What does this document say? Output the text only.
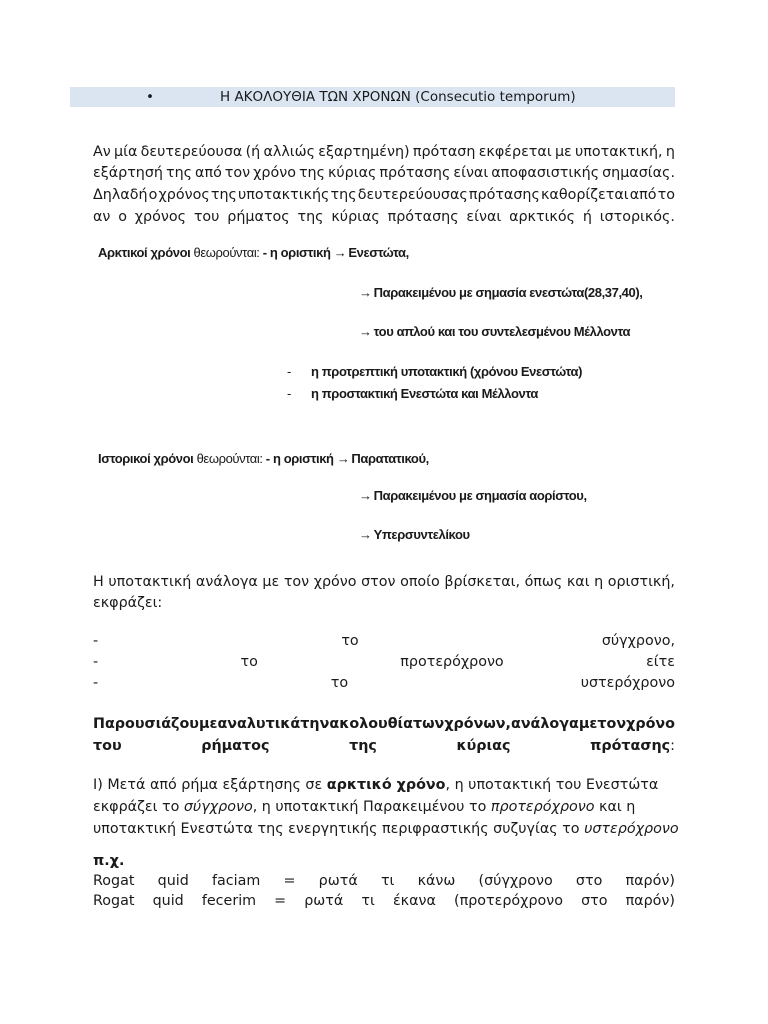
•	Η ΑΚΟΛΟΥΘΙΑ ΤΩΝ ΧΡΟΝΩΝ (Consecutio temporum)
Αν μία δευτερεύουσα (ή αλλιώς εξαρτημένη) πρόταση εκφέρεται με υποτακτική, η
εξάρτησή της από τον χρόνο της κύριας πρότασης είναι αποφασιστικής σημασίας.
Δηλαδή ο χρόνος της υποτακτικής της δευτερεύουσας πρότασης καθορίζεται από το
αν ο χρόνος του ρήματος της κύριας πρότασης είναι αρκτικός ή ιστορικός.
Αρκτικοί χρόνοι θεωρούνται: - η οριστική → Ενεστώτα,
→ Παρακειμένου με σημασία ενεστώτα(28,37,40),
→ του απλού και του συντελεσμένου Μέλλοντα
- η προτρεπτική υποτακτική (χρόνου Ενεστώτα)
- η προστακτική Ενεστώτα και Μέλλοντα
Ιστορικοί χρόνοι θεωρούνται: - η οριστική → Παρατατικού,
→ Παρακειμένου με σημασία αορίστου,
→ Υπερσυντελίκου
Η υποτακτική ανάλογα με τον χρόνο στον οποίο βρίσκεται, όπως και η οριστική,
εκφράζει:
-	το	σύγχρονο,
-	το	προτερόχρονο	είτε
-	το	υστερόχρονο
Παρουσιάζουμε αναλυτικά την ακολουθία των χρόνων, ανάλογα με τον χρόνο
του	ρήματος	της	κύριας	πρότασης:
Ι) Μετά από ρήμα εξάρτησης σε
αρκτικό χρόνο , η υποτακτική του Ενεστώτα
εκφράζει το σύγχρονο, η υποτακτική Παρακειμένου το προτερόχρονο και η
υποτακτική Ενεστώτα της ενεργητικής περιφραστικής συζυγίας το υστερόχρονο
π.χ.
Rogat quid faciam = ρωτά τι κάνω (σύγχρονο στο παρόν)
Rogat quid fecerim = ρωτά τι έκανα (προτερόχρονο στο παρόν)
